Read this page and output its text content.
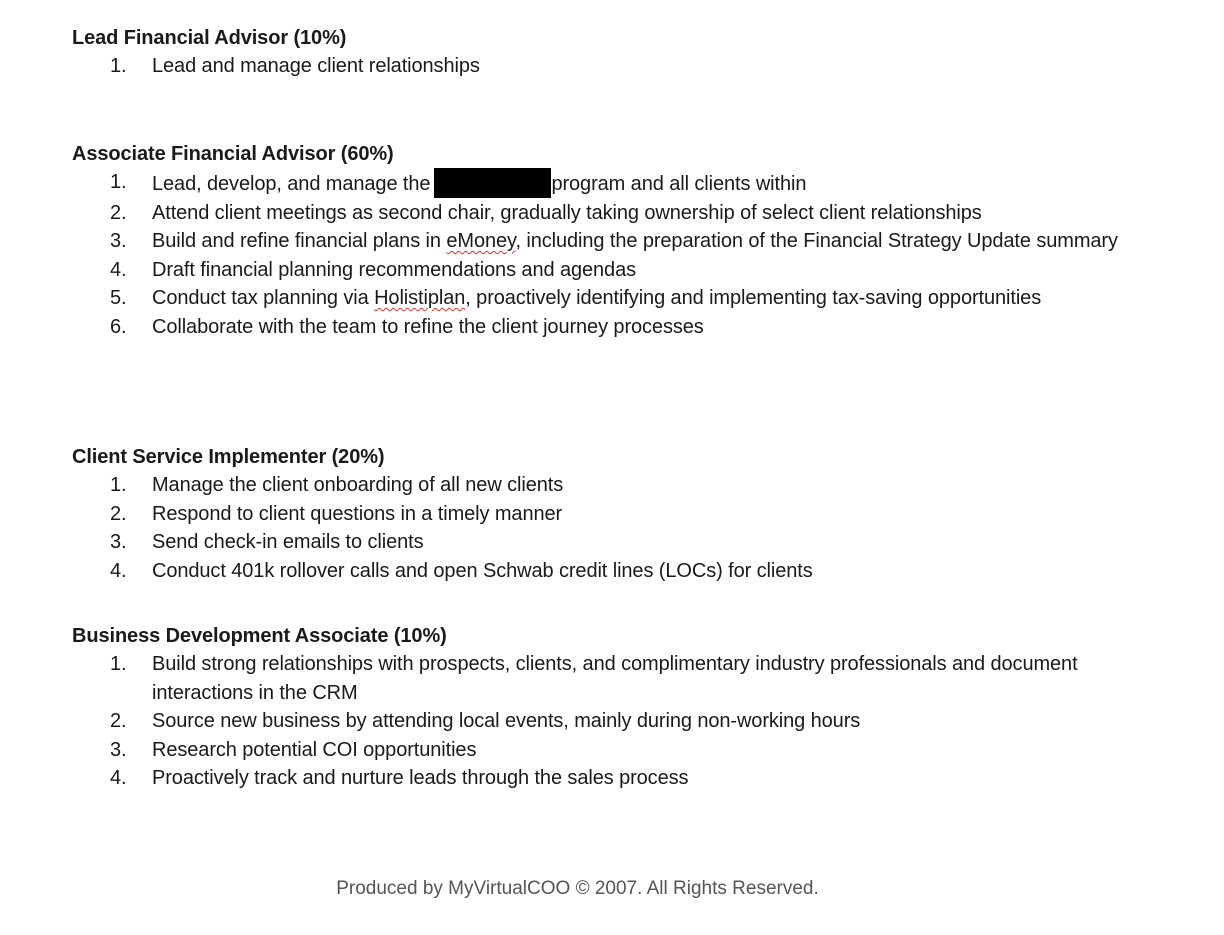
Lead Financial Advisor (10%)
1. Lead and manage client relationships
Associate Financial Advisor (60%)
1. Lead, develop, and manage the	program and all clients within
2. Attend client meetings as second chair, gradually taking ownership of select client relationships
3. Build and refine financial plans in eMoney, including the preparation of the Financial Strategy Update summary
4. Draft financial planning recommendations and agendas
5. Conduct tax planning via Holistiplan, proactively identifying and implementing tax-saving opportunities
6. Collaborate with the team to refine the client journey processes
Client Service Implementer (20%)
1. Manage the client onboarding of all new clients
2. Respond to client questions in a timely manner
3. Send check-in emails to clients
4. Conduct 401k rollover calls and open Schwab credit lines (LOCs) for clients
Business Development Associate (10%)
1. Build strong relationships with prospects, clients, and complimentary industry professionals and document interactions in the CRM
2. Source new business by attending local events, mainly during non-working hours
3. Research potential COI opportunities
4. Proactively track and nurture leads through the sales process
Produced by MyVirtualCOO © 2007. All Rights Reserved.
